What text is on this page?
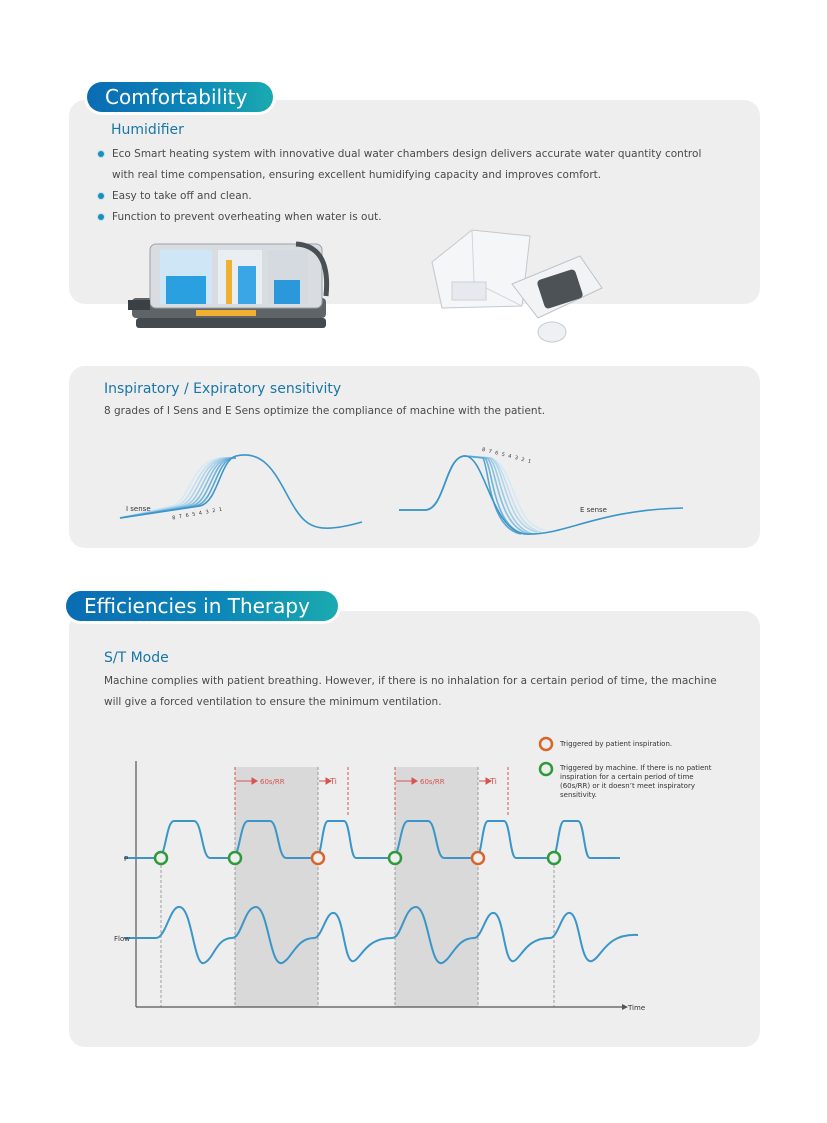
Comfortability
Humidifier
Eco Smart heating system with innovative dual water chambers design delivers accurate water quantity control
with real time compensation, ensuring excellent humidifying capacity and improves comfort.
Easy to take off and clean.
Function to prevent overheating when water is out.
Inspiratory / Expiratory sensitivity
8 grades of I Sens and E Sens optimize the compliance of machine with the patient.
I sense	8 7 6 5 4 3 2 1
8 7 6 5 4 3 2 1
E sense
Efficiencies in Therapy
S/T Mode
Machine complies with patient breathing. However, if there is no inhalation for a certain period of time, the machine
will give a forced ventilation to ensure the minimum ventilation.
Triggered by patient inspiration.
Triggered by machine. If there is no patient
inspiration for a certain period of time
(60s/RR) or it doesn’t meet inspiratory
sensitivity.
60s/RR	Ti	60s/RR	Ti
P
Flow
Time
